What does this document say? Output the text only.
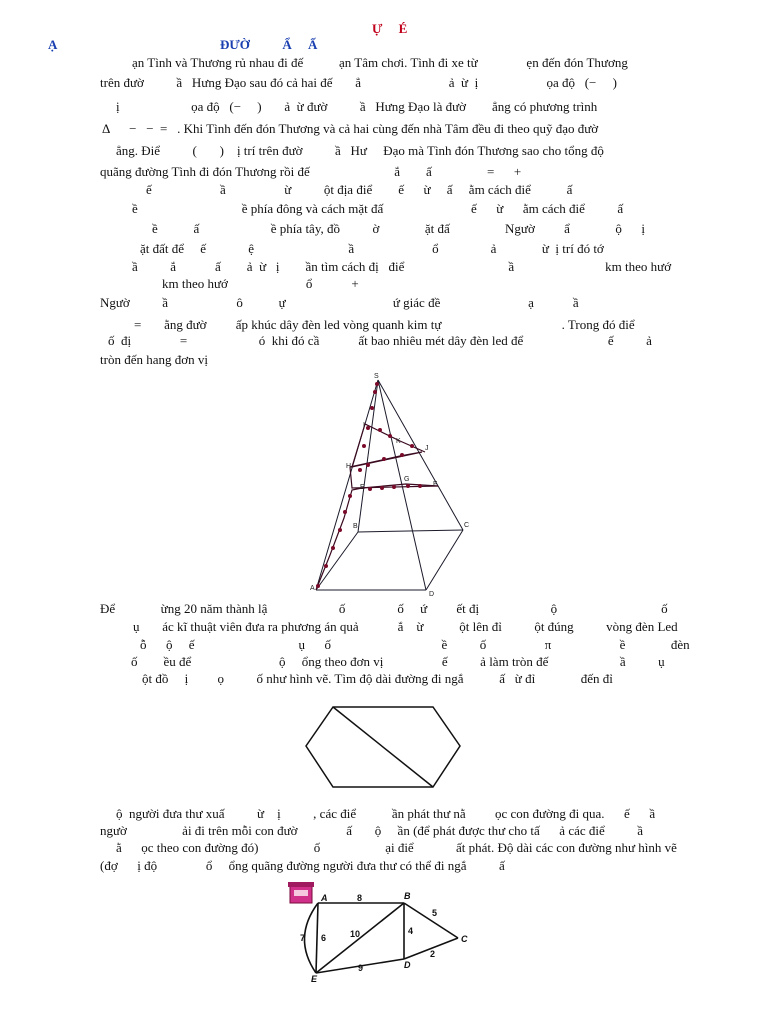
Ự     É
Ạ	ĐƯỜ          Ẩ     Ấ
ạn Tình và Thương rủ nhau đi đế           ạn Tâm chơi. Tình đi xe từ               ẹn đến đón Thương
trên đườ          ầ   Hưng Đạo sau đó cả hai đế       ẳ                           ả  ừ  ị                     ọa độ   (−     )
ị                      ọa độ   (−     )       ả  ừ đườ          ầ   Hưng Đạo là đườ        ẳng có phương trình
Δ      −   −  =   . Khi Tình đến đón Thương và cả hai cùng đến nhà Tâm đều đi theo quỹ đạo đườ
ẳng. Điể          (       )    ị trí trên đườ          ầ   Hư     Đạo mà Tình đón Thương sao cho tổng độ
quãng đường Tình đi đón Thương rồi đế                          ắ        ấ                 =      +
ế                     ầ                  ừ          ột địa điể        ế      ừ     ấ     ằm cách điể           ấ
ề                                ề phía đông và cách mặt đấ                           ế      ừ      ằm cách điể          ấ
ề           ấ                      ề phía tây, đồ          ờ              ặt đấ                 Ngườ         ẩ              ộ      ị
ặt đất để     ế             ệ                             ầ                        ổ                ả              ừ  ị trí đó tớ
ầ          ắ            ấ        ả  ừ   ị        ần tìm cách đị   điể                                ầ                            km theo hướ
km theo hướ                        ổ            +
Ngườ          ầ                     ô           ự                                 ứ giác đề                           ạ            ầ
=       ằng đườ         ấp khúc dây đèn led vòng quanh kim tự                                     . Trong đó điể
ố  đị               =                      ó  khi đó cầ            ất bao nhiêu mét dây đèn led để                          ế          ả
tròn đến hang đơn vị
S
I
K
J
H
G
F
E
B	C
A
D
Để              ừng 20 năm thành lậ                      ố                ố     ứ         ết đị                      ộ                                ố
ụ       ác kĩ thuật viên đưa ra phương án quả            ắ    ừ           ột lên đỉ          ột đúng          vòng đèn Led
ỗ      ộ     ế                                ụ      ố                                  ề          ố                  π                     ề              đèn
ố        ều để                           ộ     ổng theo đơn vị                  ế          ả làm tròn đế                      ầ          ụ
ột đồ     ị         ọ          ố như hình vẽ. Tìm độ dài đường đi ngắ           ấ   ừ đỉ              đến đỉ
ộ  người đưa thư xuấ          ừ    ị          , các điể           ần phát thư nằ         ọc con đường đi qua.      ế      ầ
ngườ                 ải đi trên mỗi con đườ               ấ       ộ     ần (để phát được thư cho tấ      ả các điể          ầ
ằ      ọc theo con đường đó)                 ố                    ại điể             ất phát. Độ dài các con đường như hình vẽ
(đợ      ị độ               ổ     ổng quãng đường người đưa thư có thể đi ngắ          ấ
A	B
C
D
E
8
5
4
2
9
7 6	10
